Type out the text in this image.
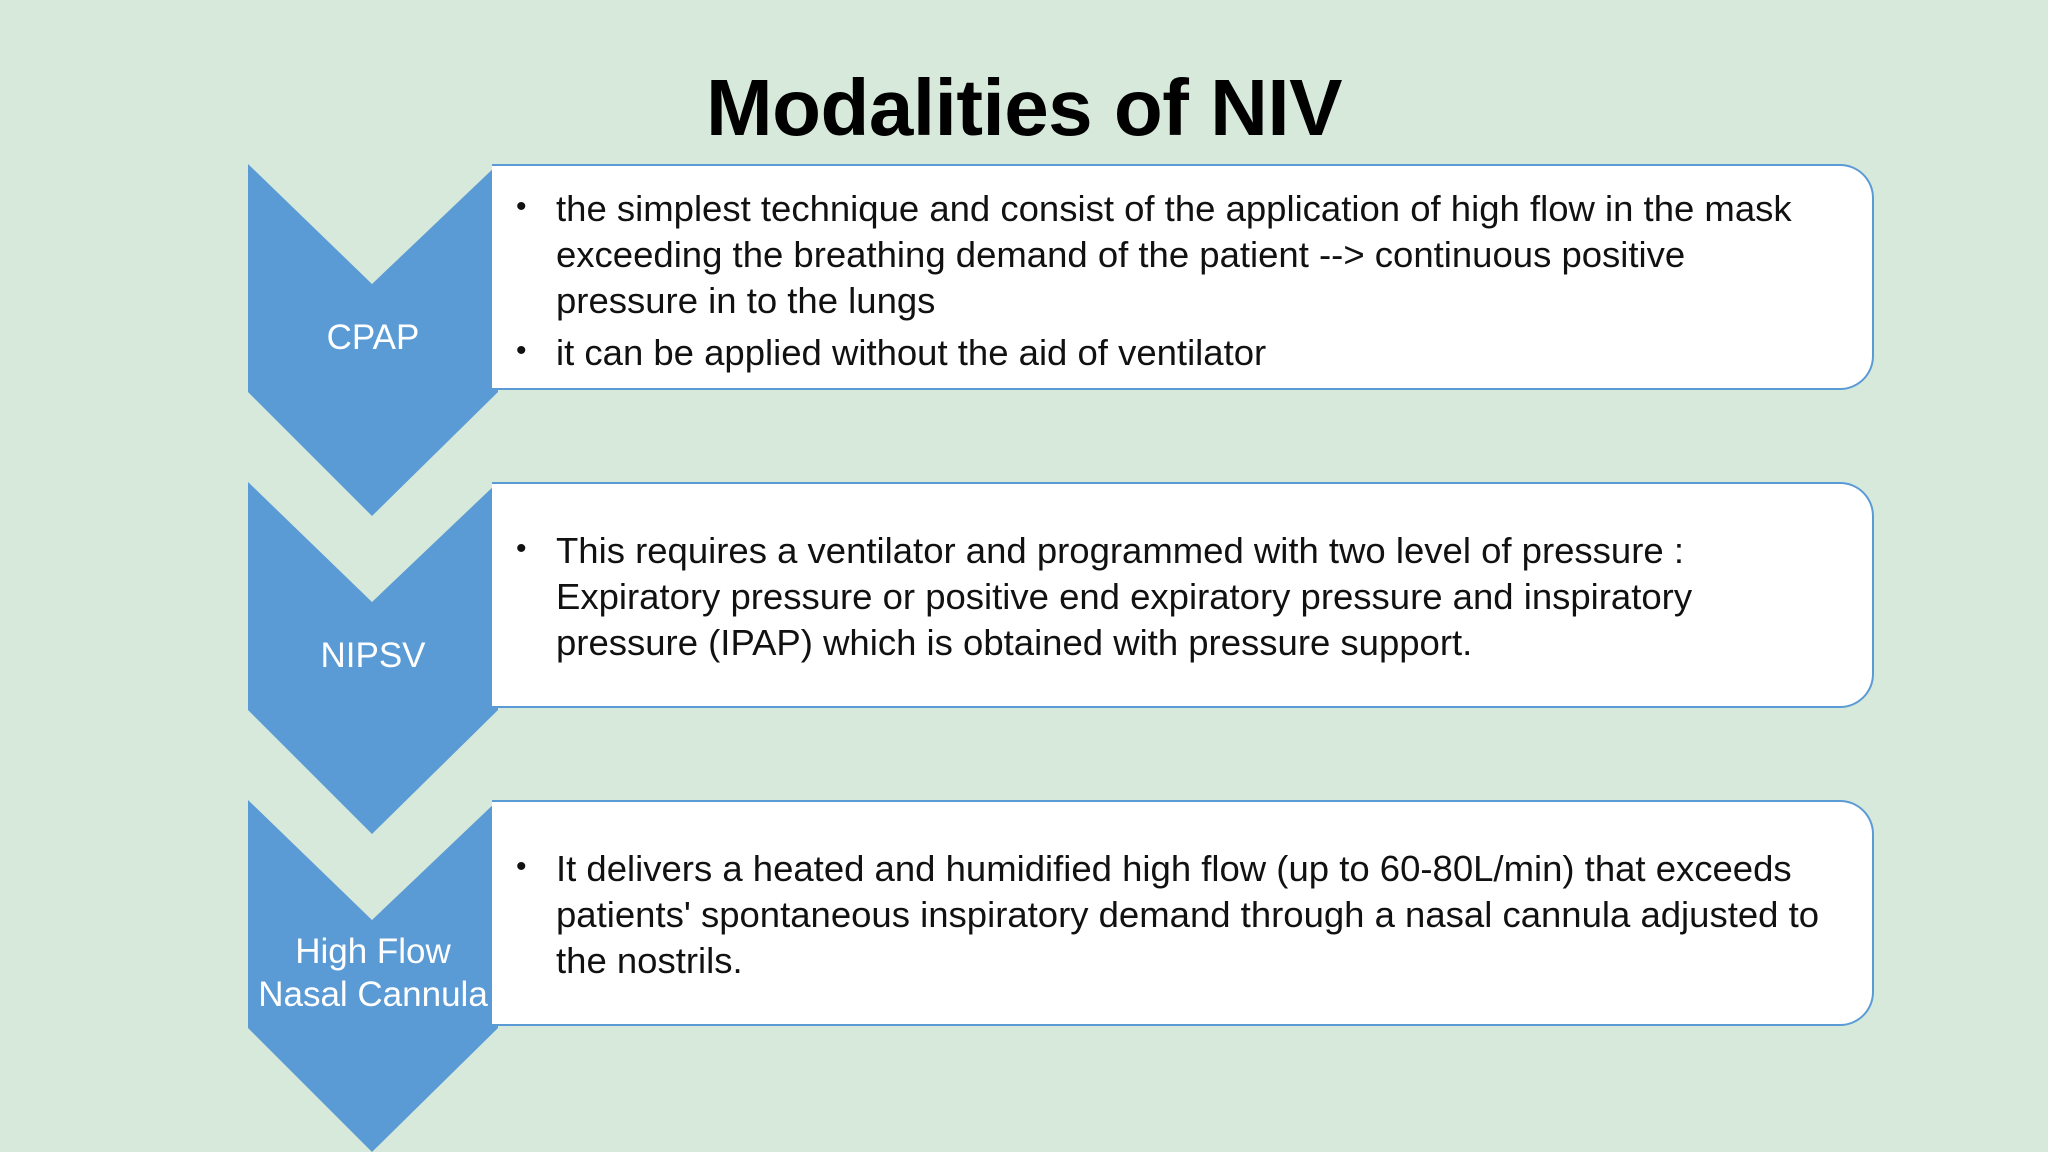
Modalities of NIV
CPAP
• the simplest technique and consist of the application of high flow in the mask exceeding the breathing demand of the patient --> continuous positive pressure in to the lungs
• it can be applied without the aid of ventilator
NIPSV
• This requires a ventilator and programmed with two level of pressure : Expiratory pressure or positive end expiratory pressure and inspiratory pressure (IPAP) which is obtained with pressure support.
High Flow
Nasal Cannula
• It delivers a heated and humidified high flow (up to 60-80L/min) that exceeds patients' spontaneous inspiratory demand through a nasal cannula adjusted to the nostrils.
